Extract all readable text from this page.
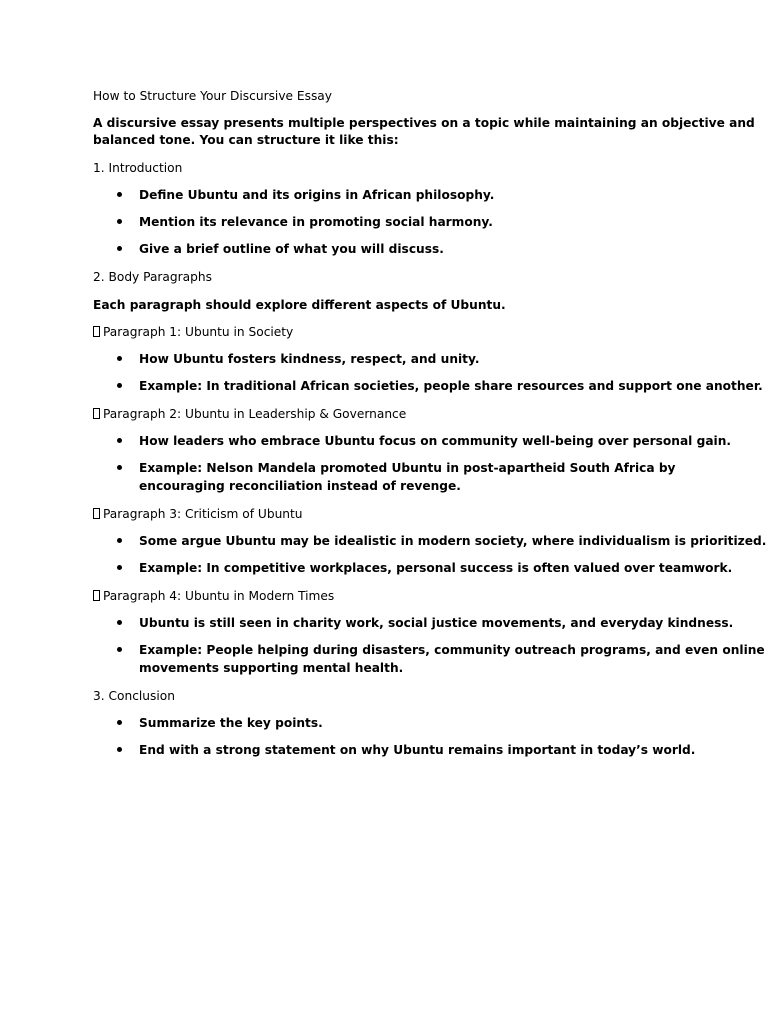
How to Structure Your Discursive Essay
A discursive essay presents multiple perspectives on a topic while maintaining an objective and
balanced tone. You can structure it like this:
1. Introduction
Define Ubuntu and its origins in African philosophy.
Mention its relevance in promoting social harmony.
Give a brief outline of what you will discuss.
2. Body Paragraphs
Each paragraph should explore different aspects of Ubuntu.
Paragraph 1: Ubuntu in Society
How Ubuntu fosters kindness, respect, and unity.
Example: In traditional African societies, people share resources and support one another.
Paragraph 2: Ubuntu in Leadership & Governance
How leaders who embrace Ubuntu focus on community well-being over personal gain.
Example: Nelson Mandela promoted Ubuntu in post-apartheid South Africa by
encouraging reconciliation instead of revenge.
Paragraph 3: Criticism of Ubuntu
Some argue Ubuntu may be idealistic in modern society, where individualism is prioritized.
Example: In competitive workplaces, personal success is often valued over teamwork.
Paragraph 4: Ubuntu in Modern Times
Ubuntu is still seen in charity work, social justice movements, and everyday kindness.
Example: People helping during disasters, community outreach programs, and even online
movements supporting mental health.
3. Conclusion
Summarize the key points.
End with a strong statement on why Ubuntu remains important in today’s world.
